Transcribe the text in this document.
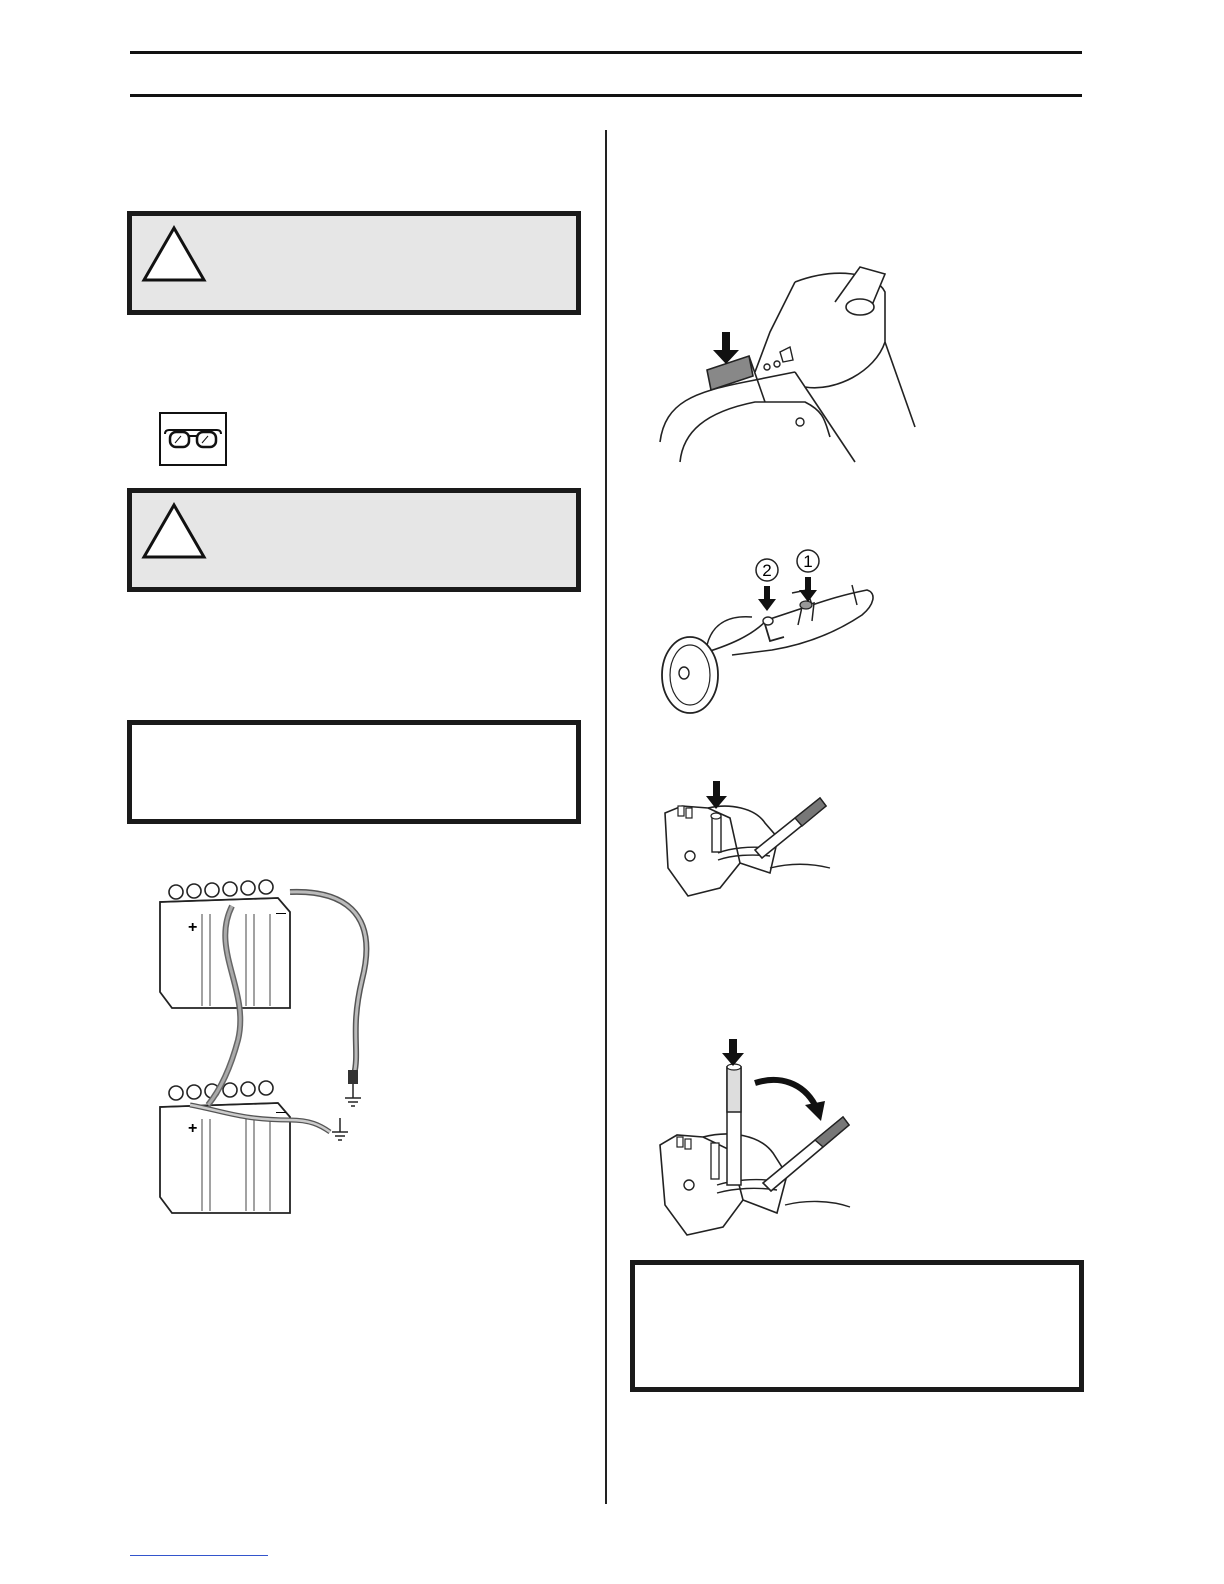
+
—
+
—
2 1
